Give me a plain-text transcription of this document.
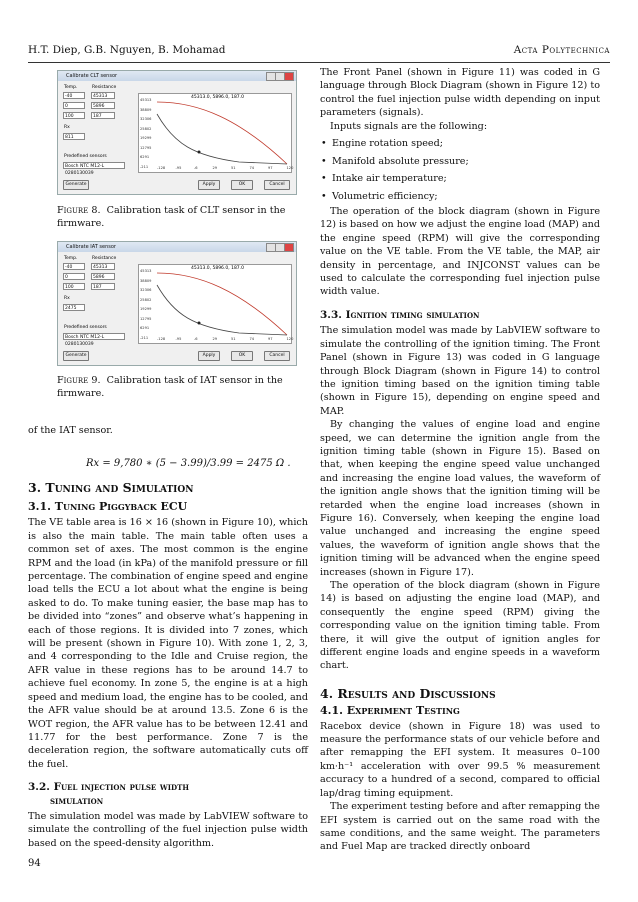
H.T. Diep, G.B. Nguyen, B. Mohamad	Acta Polytechnica
Calibrate CLT sensor
Temp.	Resistance
-40	45313
0	5896
100	187
Rx
811
Predefined sensors
Bosch NTC M12-L 0280130039
Generate	Apply	OK	Cancel
45313.0, 5896.0, 187.0
45313
38809
32306
25802
19299
12795
6291
-211 -128	-95	-6	29	51	74	97	120
Figure 8. Calibration task of CLT sensor in the firmware.
Calibrate IAT sensor
Temp.	Resistance
-40	45313
0	5896
100	187
Rx
2475
Predefined sensors
Bosch NTC M12-L 0280130039
Generate	Apply	OK	Cancel
45313.0, 5896.0, 187.0
45313
38809
32306
25802
19299
12795
6291
-211 -128	-95	-6	29	51	74	97	120
Figure 9. Calibration task of IAT sensor in the firmware.

of the IAT sensor.

Rx = 9,780 ∗ (5 − 3.99)/3.99 = 2475 Ω .
3. Tuning and Simulation
3.1. Tuning Piggyback ECU

The VE table area is 16 × 16 (shown in Figure 10), which is also the main table. The main table often uses a common set of axes. The most common is the engine RPM and the load (in kPa) of the manifold pressure or fill percentage. The combination of engine speed and engine load tells the ECU a lot about what the engine is being asked to do. To make tuning easier, the base map has to be divided into “zones” and observe what’s happening in each of those regions. It is divided into 7 zones, which will be present (shown in Figure 10). With zone 1, 2, 3, and 4 corresponding to the Idle and Cruise region, the AFR value in these regions has to be around 14.7 to achieve fuel economy. In zone 5, the engine is at a high speed and medium load, the engine has to be cooled, and the AFR value should be at around 13.5. Zone 6 is the WOT region, the AFR value has to be between 12.41 and 11.77 for the best performance. Zone 7 is the deceleration region, the software automatically cuts off the fuel.

3.2. Fuel injection pulse width
simulation

The simulation model was made by LabVIEW software to simulate the controlling of the fuel injection pulse width based on the speed-density algorithm.

The Front Panel (shown in Figure 11) was coded in G language through Block Diagram (shown in Figure 12) to control the fuel injection pulse width depending on input parameters (signals).

Inputs signals are the following:

• Engine rotation speed;
• Manifold absolute pressure;
• Intake air temperature;
• Volumetric efficiency;

The operation of the block diagram (shown in Figure 12) is based on how we adjust the engine load (MAP) and the engine speed (RPM) will give the corresponding value on the VE table. From the VE table, the MAP, air density in percentage, and INJCONST values can be used to calculate the corresponding fuel injection pulse width value.

3.3. Ignition timing simulation

The simulation model was made by LabVIEW software to simulate the controlling of the ignition timing. The Front Panel (shown in Figure 13) was coded in G language through Block Diagram (shown in Figure 14) to control the ignition timing based on the ignition timing table (shown in Figure 15), depending on engine speed and MAP.

By changing the values of engine load and engine speed, we can determine the ignition angle from the ignition timing table (shown in Figure 15). Based on that, when keeping the engine speed value unchanged and increasing the engine load values, the waveform of the ignition angle shows that the ignition timing will be retarded when the engine load increases (shown in Figure 16). Conversely, when keeping the engine load value unchanged and increasing the engine speed values, the waveform of ignition angle shows that the ignition timing will be advanced when the engine speed increases (shown in Figure 17).

The operation of the block diagram (shown in Figure 14) is based on adjusting the engine load (MAP), and consequently the engine speed (RPM) giving the corresponding value on the ignition timing table. From there, it will give the output of ignition angles for different engine loads and engine speeds in a waveform chart.

4. Results and Discussions
4.1. Experiment Testing

Racebox device (shown in Figure 18) was used to measure the performance stats of our vehicle before and after remapping the EFI system. It measures 0–100 km·h⁻¹ acceleration with over 99.5 % measurement accuracy to a hundred of a second, compared to official lap/drag timing equipment.

The experiment testing before and after remapping the EFI system is carried out on the same road with the same conditions, and the same weight. The parameters and Fuel Map are tracked directly onboard

94
